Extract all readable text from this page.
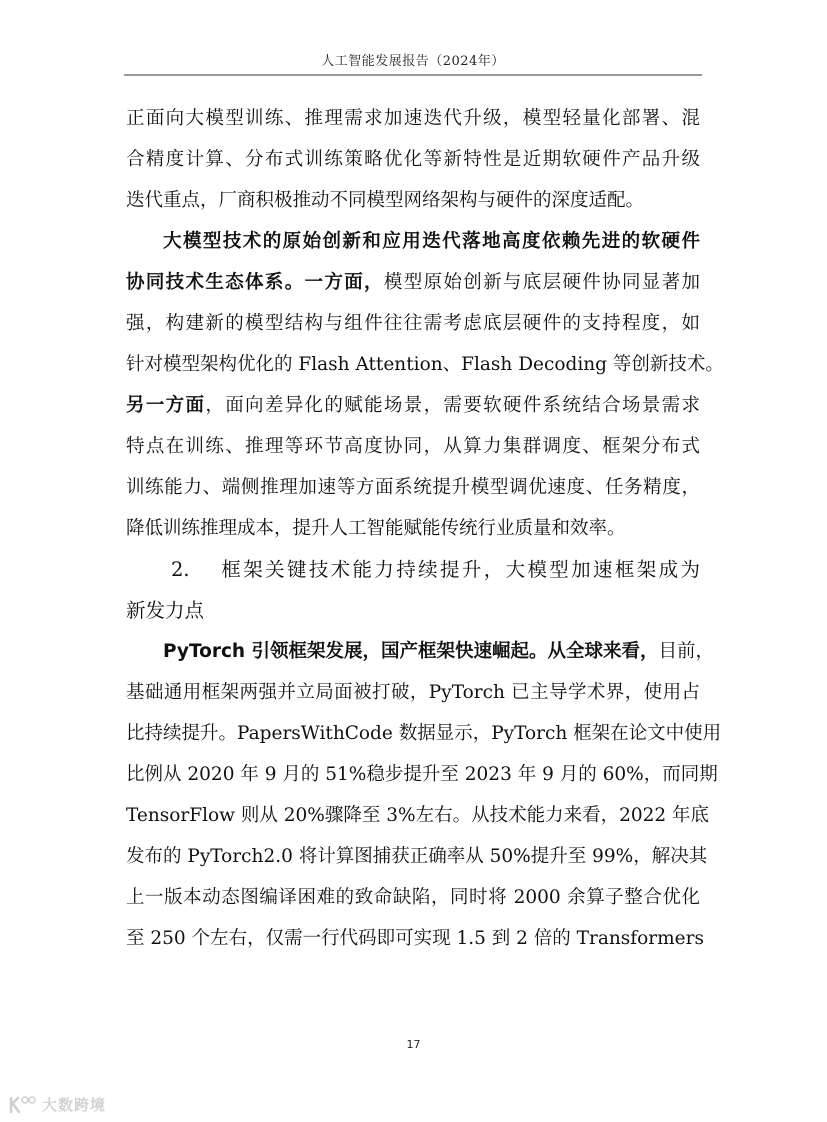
人工智能发展报告（2024年）
正面向大模型训练、推理需求加速迭代升级，模型轻量化部署、混
合精度计算、分布式训练策略优化等新特性是近期软硬件产品升级
迭代重点，厂商积极推动不同模型网络架构与硬件的深度适配。
大模型技术的原始创新和应用迭代落地高度依赖先进的软硬件
协同技术生态体系。一方面，模型原始创新与底层硬件协同显著加
强，构建新的模型结构与组件往往需考虑底层硬件的支持程度，如
针对模型架构优化的 Flash Attention、Flash Decoding 等创新技术。
另一方面，面向差异化的赋能场景，需要软硬件系统结合场景需求
特点在训练、推理等环节高度协同，从算力集群调度、框架分布式
训练能力、端侧推理加速等方面系统提升模型调优速度、任务精度，
降低训练推理成本，提升人工智能赋能传统行业质量和效率。
2. 框架关键技术能力持续提升，大模型加速框架成为
新发力点
PyTorch 引领框架发展，国产框架快速崛起。从全球来看，目前，
基础通用框架两强并立局面被打破，PyTorch 已主导学术界，使用占
比持续提升。PapersWithCode 数据显示，PyTorch 框架在论文中使用
比例从 2020 年 9 月的 51%稳步提升至 2023 年 9 月的 60%，而同期
TensorFlow 则从 20%骤降至 3%左右。从技术能力来看，2022 年底
发布的 PyTorch2.0 将计算图捕获正确率从 50%提升至 99%，解决其
上一版本动态图编译困难的致命缺陷，同时将 2000 余算子整合优化
至 250 个左右，仅需一行代码即可实现 1.5 到 2 倍的 Transformers
17
大数跨境
